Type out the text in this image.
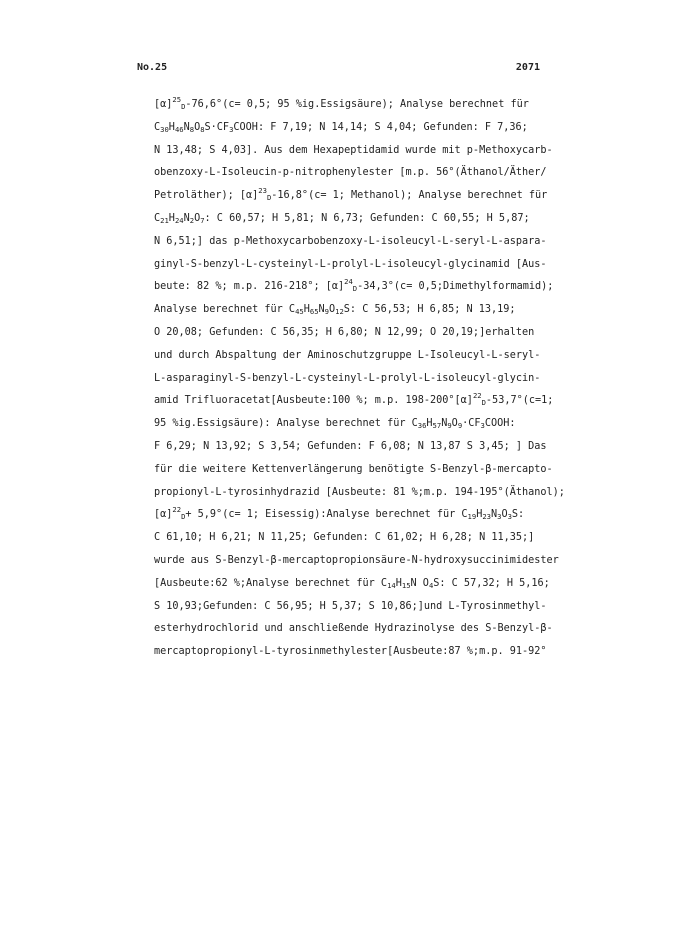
No.25	2071
$[\alpha]^{25}_D-76,6^\circ(c= 0,5$; 95 %ig.Essigsäure); Analyse berechnet für
$C_{30}H_{46}N_8O_8S\cdot CF_3COOH$: F 7,19; N 14,14; S 4,04; Gefunden: F 7,36;
N 13,48; S 4,03]. Aus dem Hexapeptidamid wurde mit p-Methoxycarb-
obenzoxy-L-Isoleucin-p-nitrophenylester [m.p. 56°(Äthanol/Äther/
Petroläther); $[\alpha]^{23}_D-16,8^\circ(c= 1$; Methanol); Analyse berechnet für
$C_{21}H_{24}N_2O_7$: C 60,57; H 5,81; N 6,73; Gefunden: C 60,55; H 5,87;
N 6,51;] das p-Methoxycarbobenzoxy-L-isoleucyl-L-seryl-L-aspara-
ginyl-S-benzyl-L-cysteinyl-L-prolyl-L-isoleucyl-glycinamid [Aus-
beute: 82 %; m.p. 216-218°; $[\alpha]^{24}_D-34,3^\circ(c=$ 0,5;Dimethylformamid);
Analyse berechnet für $C_{45}H_{65}N_9O_{12}S$: C 56,53; H 6,85; N 13,19;
O 20,08; Gefunden: C 56,35; H 6,80; N 12,99; O 20,19;]erhalten
und durch Abspaltung der Aminoschutzgruppe L-Isoleucyl-L-seryl-
L-asparaginyl-S-benzyl-L-cysteinyl-L-prolyl-L-isoleucyl-glycin-
amid Trifluoracetat[Ausbeute:100 %; m.p. $198-200^\circ[\alpha]^{22}_D-53,7^\circ(c=1$;
95 %ig.Essigsäure): Analyse berechnet für $C_{36}H_{57}N_9O_9\cdot CF_3COOH$:
F 6,29; N 13,92; S 3,54; Gefunden: F 6,08; N 13,87 S 3,45; ] Das
für die weitere Kettenverlängerung benötigte S-Benzyl-β-mercapto-
propionyl-L-tyrosinhydrazid [Ausbeute: 81 %;m.p. 194-195°(Äthanol);
$[\alpha]^{22}_D+ 5,9^\circ(c= 1$; Eisessig):Analyse berechnet für $C_{19}H_{23}N_3O_3S$:
C 61,10; H 6,21; N 11,25; Gefunden: C 61,02; H 6,28; N 11,35;]
wurde aus S-Benzyl-β-mercaptopropionsäure-N-hydroxysuccinimidester
[Ausbeute:62 %;Analyse berechnet für $C_{14}H_{15}N$ $O_4S$: C 57,32; H 5,16;
S 10,93;Gefunden: C 56,95; H 5,37; S 10,86;]und L-Tyrosinmethyl-
esterhydrochlorid und anschließende Hydrazinolyse des S-Benzyl-β-
mercaptopropionyl-L-tyrosinmethylester[Ausbeute:87 %;m.p. 91-92°
